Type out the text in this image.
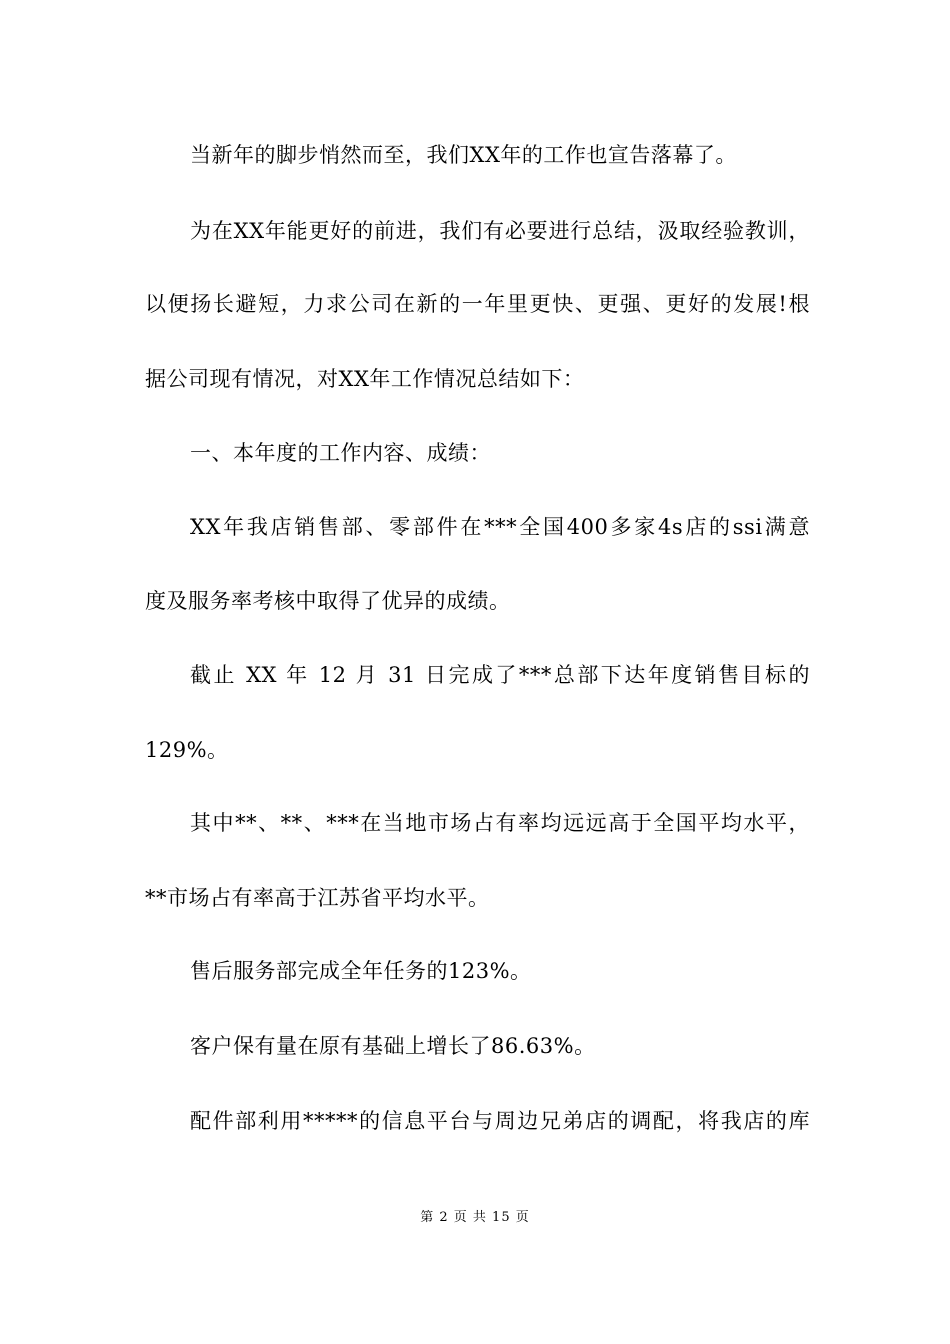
当新年的脚步悄然而至，我们XX年的工作也宣告落幕了。
为在XX年能更好的前进，我们有必要进行总结，汲取经验教训，
以便扬长避短，力求公司在新的一年里更快、更强、更好的发展!根
据公司现有情况，对XX年工作情况总结如下：
一、本年度的工作内容、成绩：
XX年我店销售部、零部件在***全国400多家4s店的ssi满意
度及服务率考核中取得了优异的成绩。
截止 XX 年 12 月 31 日完成了***总部下达年度销售目标的
129%。
其中**、**、***在当地市场占有率均远远高于全国平均水平，
**市场占有率高于江苏省平均水平。
售后服务部完成全年任务的123%。
客户保有量在原有基础上增长了86.63%。
配件部利用*****的信息平台与周边兄弟店的调配，将我店的库
第 2 页 共 15 页
